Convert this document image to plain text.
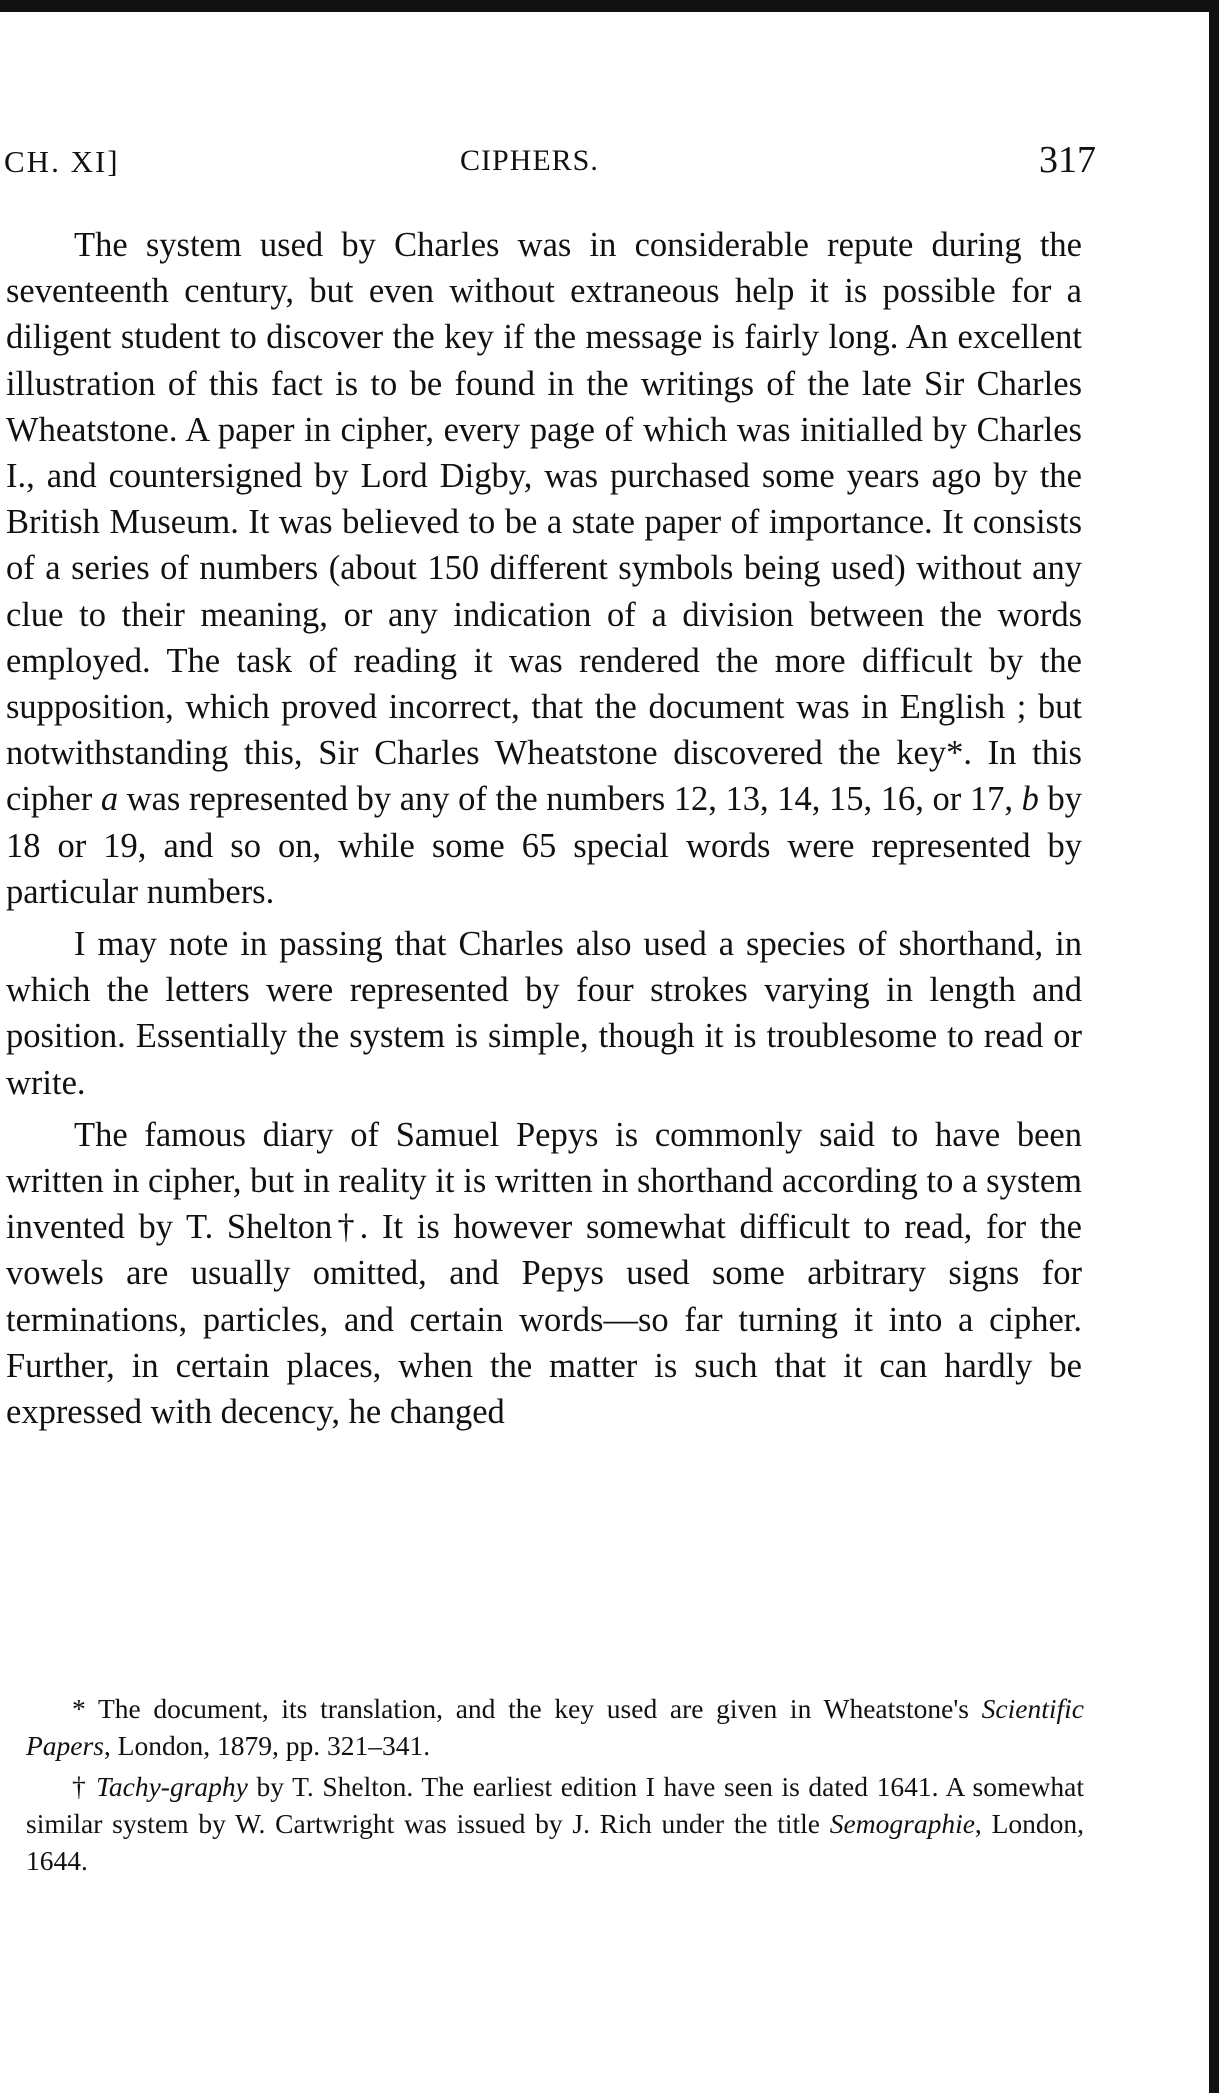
CH. XI]	CIPHERS.	317

The system used by Charles was in considerable repute during the seventeenth century, but even without extraneous help it is possible for a diligent student to discover the key if the message is fairly long. An excellent illustration of this fact is to be found in the writings of the late Sir Charles Wheatstone. A paper in cipher, every page of which was initialled by Charles I., and countersigned by Lord Digby, was purchased some years ago by the British Museum. It was believed to be a state paper of importance. It consists of a series of numbers (about 150 different symbols being used) without any clue to their meaning, or any indication of a division between the words employed. The task of reading it was rendered the more difficult by the supposition, which proved incorrect, that the document was in English ; but notwithstanding this, Sir Charles Wheatstone discovered the key*. In this cipher a was represented by any of the numbers 12, 13, 14, 15, 16, or 17, b by 18 or 19, and so on, while some 65 special words were represented by particular numbers.

I may note in passing that Charles also used a species of shorthand, in which the letters were represented by four strokes varying in length and position. Essentially the system is simple, though it is troublesome to read or write.

The famous diary of Samuel Pepys is commonly said to have been written in cipher, but in reality it is written in shorthand according to a system invented by T. Shelton†. It is however somewhat difficult to read, for the vowels are usually omitted, and Pepys used some arbitrary signs for terminations, particles, and certain words—so far turning it into a cipher. Further, in certain places, when the matter is such that it can hardly be expressed with decency, he changed

* The document, its translation, and the key used are given in Wheatstone's Scientific Papers, London, 1879, pp. 321–341.

† Tachy-graphy by T. Shelton. The earliest edition I have seen is dated 1641. A somewhat similar system by W. Cartwright was issued by J. Rich under the title Semographie, London, 1644.
